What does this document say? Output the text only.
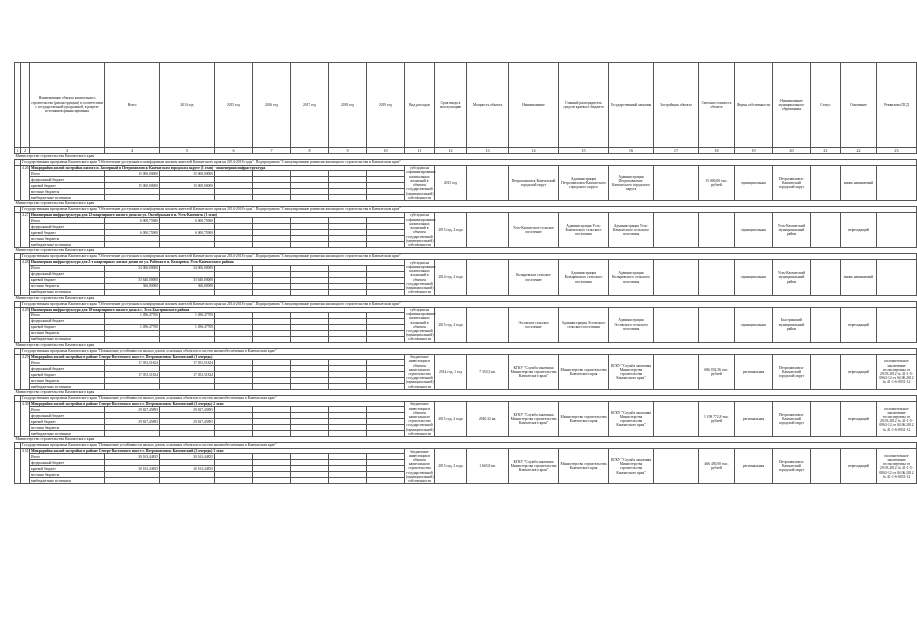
		Наименование объекта капитального строительства (реконструкции) в соответствии с государственной программой, в разрезе источников финансирования	Всего	2014 год	2015 год	2016 год	2017 год	2018 год	2019 год	Вид расходов	Срок ввода в эксплуатацию	Мощность объекта	Наименование	Главный распорядитель средств краевого бюджета	Государственный заказчик	Застройщик объекта	Сметная стоимость объекта	Форма собственности	Наименование муниципального образования	Статус	Основание	Реквизиты ПСД
1	2	3	4	5	6	7	8	9	10	11	12	13	14	15	16	17	18	19	20	21	22	23
Министерство строительства Камчатского края																						
	Государственная программа Камчатского края "Обеспечение доступным и комфортным жильем жителей Камчатского края на 2014-2018 годы". Подпрограмма "Стимулирование развития жилищного строительства в Камчатском крае"																					
	4.26.	Микрорайон жилой застройки жилого п. Заозерный в Петропавловск-Камчатском городском округе (1 этап) - инженерная инфраструктура								субсидии на софинансирование капитальных вложений в объекты государственной (муниципальной) собственности	2015 год		Петропавловск-Камчатский городской округ	Администрация Петропавловск-Камчатского городского округа	Администрация Петропавловск-Камчатского городского округа		15 000,00 тыс. рублей	муниципальная	Петропавловск-Камчатский городской округ		вновь начинаемый	
		Итого	15 000,00000	15 000,00000																		
		федеральный бюджет																				
		краевой бюджет	15 000,00000	15 000,00000																		
		местные бюджеты																				
		внебюджетные источники																				
Министерство строительства Камчатского края																						
	Государственная программа Камчатского края "Обеспечение доступным и комфортным жильем жителей Камчатского края на 2014-2018 годы". Подпрограмма "Стимулирование развития жилищного строительства в Камчатском крае"																					
	4.27.	Инженерная инфраструктура для 12-квартирного жилого дома по ул. Октябрьская в п. Усть-Камчатск (1 этап)								субсидии на софинансирование капитальных вложений в объекты государственной (муниципальной) собственности	2015 год, 2 года		Усть-Камчатское сельское поселение	Администрация Усть-Камчатского сельского поселения	Администрация Усть-Камчатского сельского поселения			муниципальная	Усть-Камчатский муниципальный район		переходящий	
		Итого	6 000,75900	6 000,75900																		
		федеральный бюджет																				
		краевой бюджет	6 000,75900	6 000,75900																		
		местные бюджеты																				
		внебюджетные источники																				
Министерство строительства Камчатского края																						
	Государственная программа Камчатского края "Обеспечение доступным и комфортным жильем жителей Камчатского края на 2014-2018 годы". Подпрограмма "Стимулирование развития жилищного строительства в Камчатском крае"																					
	4.28.	Инженерная инфраструктура для 2-х квартирных жилых домов по ул. Рабочая в п. Козыревск Усть-Камчатского района								субсидии на софинансирование капитальных вложений в объекты государственной (муниципальной) собственности	2014 год, 2 года		Козыревское сельское поселение	Администрация Козыревского сельского поселения	Администрация Козыревского сельского поселения			муниципальная	Усть-Камчатский муниципальный район		вновь начинаемый	
		Итого	34 006,00000	34 006,00000																		
		федеральный бюджет																				
		краевой бюджет	33 640,00000	33 640,00000																		
		местные бюджеты	366,00000	366,00000																		
		внебюджетные источники																				
Министерство строительства Камчатского края																						
	Государственная программа Камчатского края "Обеспечение доступным и комфортным жильем жителей Камчатского края на 2014-2018 годы". Подпрограмма "Стимулирование развития жилищного строительства в Камчатском крае"																					
	4.29.	Инженерная инфраструктура для 18-квартирного жилого дома в с. Эссо Быстринского района								субсидии на софинансирование капитальных вложений в объекты государственной (муниципальной) собственности	2015 год, 2 года		Эссовское сельское поселение	Администрация Эссовского сельского поселения	Администрация Эссовского сельского поселения			муниципальная	Быстринский муниципальный район		переходящий	
		Итого	1 496,47700	1 496,47700																		
		федеральный бюджет																				
		краевой бюджет	1 496,47700	1 496,47700																		
		местные бюджеты																				
		внебюджетные источники																				
Министерство строительства Камчатского края																						
	Государственная программа Камчатского края "Повышение устойчивости жилых домов, основных объектов и систем жизнеобеспечения в Камчатском крае"																					
	4.29.	Микрорайон жилой застройки в районе Северо-Восточного шоссе г. Петропавловск-Камчатский (1 очередь)								бюджетные инвестиции в объекты капитального строительства государственной (муниципальной) собственности	2014 год, 1 год	7 353,3 кв.	КГКУ "Служба заказчика Министерства строительства Камчатского края"	Министерство строительства Камчатского края	КГКУ "Служба заказчика Министерства строительства Камчатского края"		686 032,56 тыс. рублей	региональная	Петропавловск-Камчатский городской округ		переходящий	положительное заключение госэкспертизы от 29.03.2012 № 41-1-5-0062-12 от 04.06.2012 № 41-1-6-0031-12
		Итого	17 053,51824	17 053,51824																		
		федеральный бюджет																				
		краевой бюджет	17 053,51824	17 053,51824																		
		местные бюджеты																				
		внебюджетные источники																				
Министерство строительства Камчатского края																						
	Государственная программа Камчатского края "Повышение устойчивости жилых домов, основных объектов и систем жизнеобеспечения в Камчатском крае"																					
	4.30.	Микрорайон жилой застройки в районе Северо-Восточного шоссе г. Петропавловск-Камчатский (2 очередь) 2 этап								бюджетные инвестиции в объекты капитального строительства государственной (муниципальной) собственности	2015 год, 2 года	2040,32 кв.	КГКУ "Служба заказчика Министерства строительства Камчатского края"	Министерство строительства Камчатского края	КГКУ "Служба заказчика Министерства строительства Камчатского края"		1 199 772,8 тыс. рублей	региональная	Петропавловск-Камчатский городской округ		переходящий	положительное заключение госэкспертизы от 29.03.2012 № 41-1-5-0062-12 от 04.06.2012 № 41-1-6-0031-12
		Итого	29 827,45895	29 827,45895																		
		федеральный бюджет																				
		краевой бюджет	29 827,45895	29 827,45895																		
		местные бюджеты																				
		внебюджетные источники																				
Министерство строительства Камчатского края																						
	Государственная программа Камчатского края "Повышение устойчивости жилых домов, основных объектов и систем жизнеобеспечения в Камчатском крае"																					
	4.31.	Микрорайон жилой застройки в районе Северо-Восточного шоссе г. Петропавловск-Камчатский (2 очередь) 3 этап								бюджетные инвестиции в объекты капитального строительства государственной (муниципальной) собственности	2015 год, 2 года	1 665,8 кв.	КГКУ "Служба заказчика Министерства строительства Камчатского края"	Министерство строительства Камчатского края	КГКУ "Служба заказчика Министерства строительства Камчатского края"		466 450,00 тыс. рублей	региональная	Петропавловск-Камчатский городской округ		переходящий	положительное заключение госэкспертизы от 29.03.2012 № 41-1-5-0062-12 от 04.06.2012 № 41-1-6-0031-12
		Итого	30 163,44835	30 163,44835																		
		федеральный бюджет																				
		краевой бюджет	30 163,44835	30 163,44835																		
		местные бюджеты																				
		внебюджетные источники																				
